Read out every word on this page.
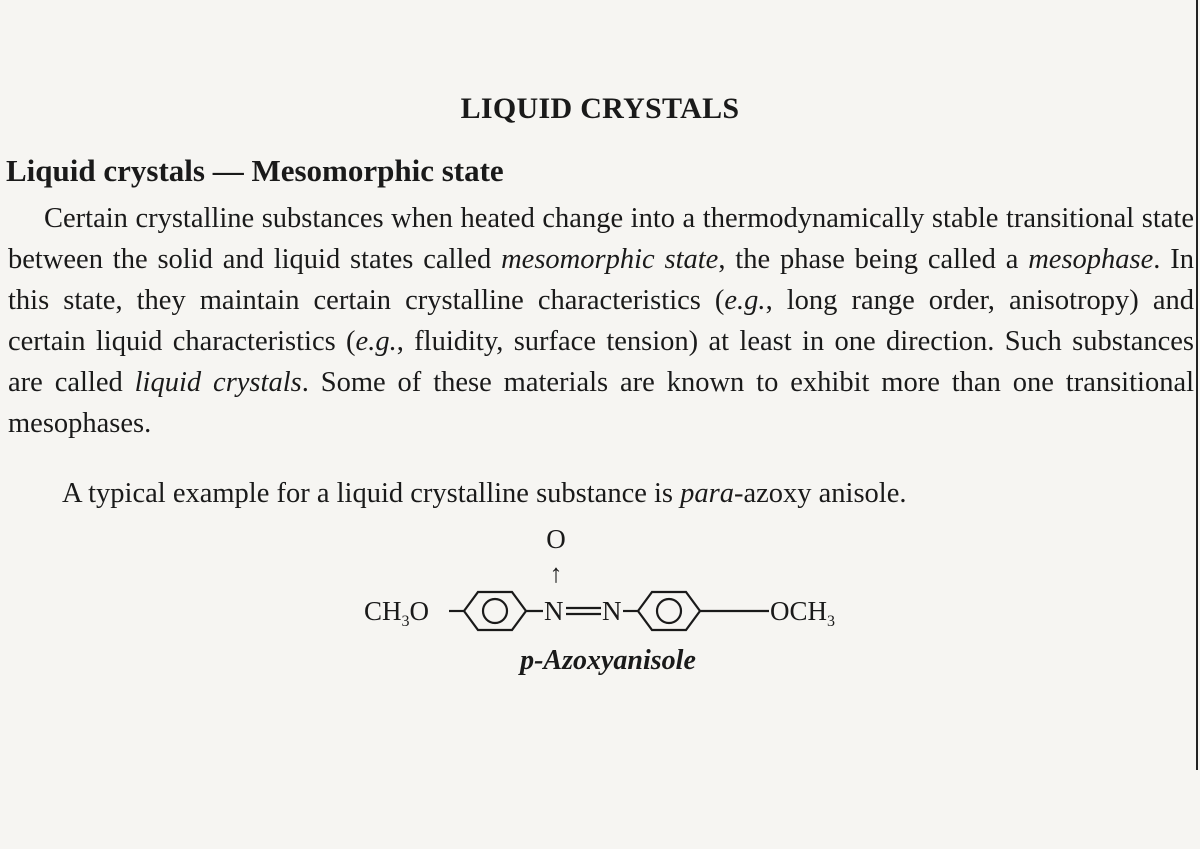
LIQUID CRYSTALS
Liquid crystals — Mesomorphic state

Certain crystalline substances when heated change into a thermodynamically stable transitional state between the solid and liquid states called mesomorphic state, the phase being called a mesophase. In this state, they maintain certain crystalline characteristics (e.g., long range order, anisotropy) and certain liquid characteristics (e.g., fluidity, surface tension) at least in one direction. Such substances are called liquid crystals. Some of these materials are known to exhibit more than one transitional mesophases.

A typical example for a liquid crystalline substance is para-azoxy anisole.
O
↑
$CH_3O$	N N	$OCH_3$
p-Azoxyanisole
